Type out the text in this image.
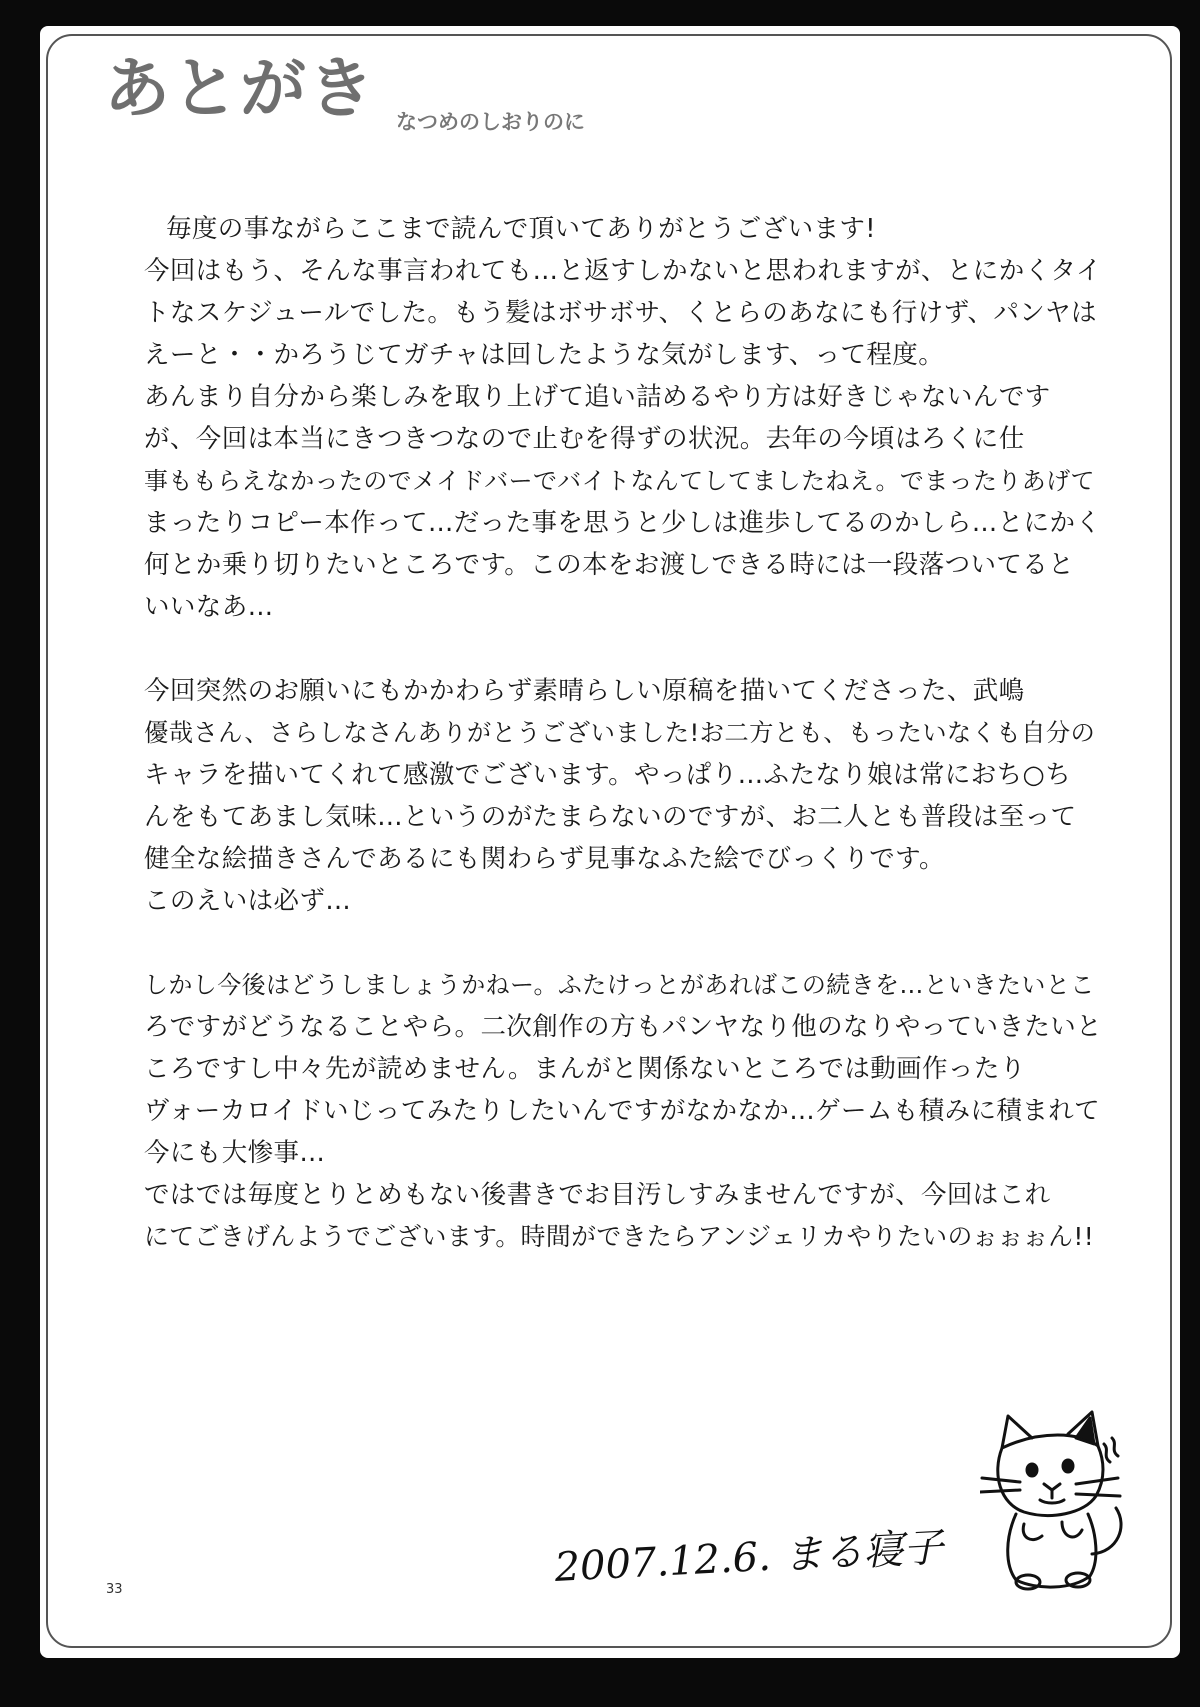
あとがき なつめのしおりのに
毎度の事ながらここまで読んで頂いてありがとうございます!
今回はもう、そんな事言われても…と返すしかないと思われますが、とにかくタイ
トなスケジュールでした。もう髪はボサボサ、くとらのあなにも行けず、パンヤは
えーと・・かろうじてガチャは回したような気がします、って程度。
あんまり自分から楽しみを取り上げて追い詰めるやり方は好きじゃないんです
が、今回は本当にきつきつなので止むを得ずの状況。去年の今頃はろくに仕
事ももらえなかったのでメイドバーでバイトなんてしてましたねえ。でまったりあげて
まったりコピー本作って…だった事を思うと少しは進歩してるのかしら…とにかく
何とか乗り切りたいところです。この本をお渡しできる時には一段落ついてると
いいなあ…
今回突然のお願いにもかかわらず素晴らしい原稿を描いてくださった、武嶋
優哉さん、さらしなさんありがとうございました!お二方とも、もったいなくも自分の
キャラを描いてくれて感激でございます。やっぱり…ふたなり娘は常におち○ち
んをもてあまし気味…というのがたまらないのですが、お二人とも普段は至って
健全な絵描きさんであるにも関わらず見事なふた絵でびっくりです。
このえいは必ず…
しかし今後はどうしましょうかねー。ふたけっとがあればこの続きを…といきたいとこ
ろですがどうなることやら。二次創作の方もパンヤなり他のなりやっていきたいと
ころですし中々先が読めません。まんがと関係ないところでは動画作ったり
ヴォーカロイドいじってみたりしたいんですがなかなか…ゲームも積みに積まれて
今にも大惨事…
ではでは毎度とりとめもない後書きでお目汚しすみませんですが、今回はこれ
にてごきげんようでございます。時間ができたらアンジェリカやりたいのぉぉぉん!!
2007.12.6. まる寝子
33
